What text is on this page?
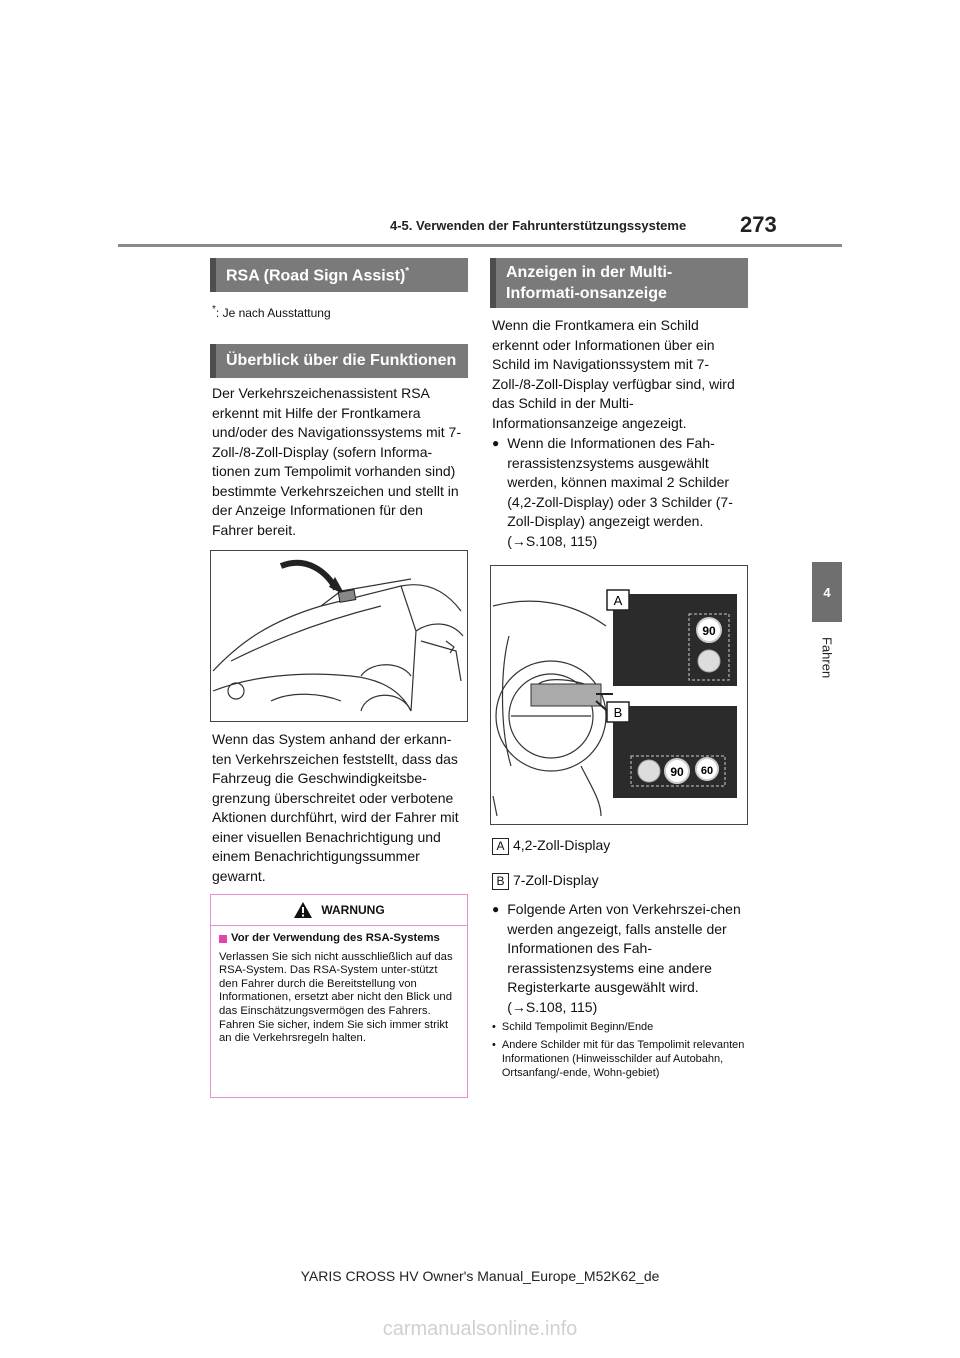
4-5. Verwenden der Fahrunterstützungssysteme 273
4
Fahren
RSA (Road Sign Assist)*
*: Je nach Ausstattung
Überblick über die Funktionen
Der Verkehrszeichenassistent RSA erkennt mit Hilfe der Frontkamera und/oder des Navigationssystems mit 7-Zoll-/8-Zoll-Display (sofern Informa-tionen zum Tempolimit vorhanden sind) bestimmte Verkehrszeichen und stellt in der Anzeige Informationen für den Fahrer bereit.
Wenn das System anhand der erkann-ten Verkehrszeichen feststellt, dass das Fahrzeug die Geschwindigkeitsbe-grenzung überschreitet oder verbotene Aktionen durchführt, wird der Fahrer mit einer visuellen Benachrichtigung und einem Benachrichtigungssummer gewarnt.
WARNUNG
Vor der Verwendung des RSA-Systems
Verlassen Sie sich nicht ausschließlich auf das RSA-System. Das RSA-System unter-stützt den Fahrer durch die Bereitstellung von Informationen, ersetzt aber nicht den Blick und das Einschätzungsvermögen des Fahrers. Fahren Sie sicher, indem Sie sich immer strikt an die Verkehrsregeln halten.
Anzeigen in der Multi-Informati-onsanzeige
Wenn die Frontkamera ein Schild erkennt oder Informationen über ein Schild im Navigationssystem mit 7-Zoll-/8-Zoll-Display verfügbar sind, wird das Schild in der Multi-Informationsanzeige angezeigt.
● Wenn die Informationen des Fah-rerassistenzsystems ausgewählt werden, können maximal 2 Schilder (4,2-Zoll-Display) oder 3 Schilder (7-Zoll-Display) angezeigt werden. (→S.108, 115)
A
90
B
90 60
A 4,2-Zoll-Display
B 7-Zoll-Display
● Folgende Arten von Verkehrszei-chen werden angezeigt, falls anstelle der Informationen des Fah-rerassistenzsystems eine andere Registerkarte ausgewählt wird. (→S.108, 115)
• Schild Tempolimit Beginn/Ende
• Andere Schilder mit für das Tempolimit relevanten Informationen (Hinweisschilder auf Autobahn, Ortsanfang/-ende, Wohn-gebiet)
YARIS CROSS HV Owner's Manual_Europe_M52K62_de
carmanualsonline.info
